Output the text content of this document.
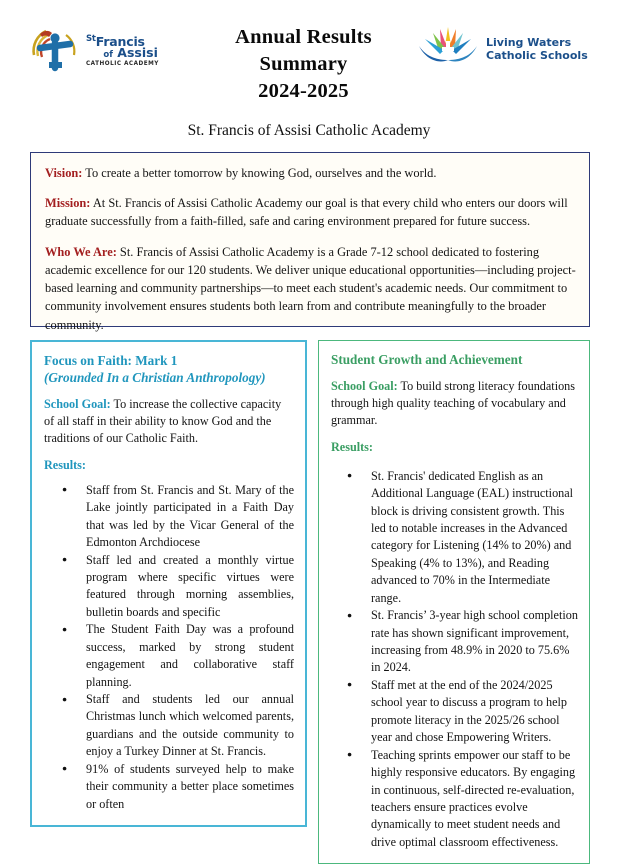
$^{St}$Francis
of Assisi
CATHOLIC ACADEMY
Annual Results
Summary
2024-2025
Living Waters
Catholic Schools
St. Francis of Assisi Catholic Academy

Vision: To create a better tomorrow by knowing God, ourselves and the world.

Mission: At St. Francis of Assisi Catholic Academy our goal is that every child who enters our doors will graduate successfully from a faith-filled, safe and caring environment prepared for future success.

Who We Are: St. Francis of Assisi Catholic Academy is a Grade 7-12 school dedicated to fostering academic excellence for our 120 students. We deliver unique educational opportunities—including project-based learning and community partnerships—to meet each student's academic needs. Our commitment to community involvement ensures students both learn from and contribute meaningfully to the broader community.

Focus on Faith: Mark 1
(Grounded In a Christian Anthropology)

School Goal: To increase the collective capacity of all staff in their ability to know God and the traditions of our Catholic Faith.

Results:
● Staff from St. Francis and St. Mary of the Lake jointly participated in a Faith Day that was led by the Vicar General of the Edmonton Archdiocese
● Staff led and created a monthly virtue program where specific virtues were featured through morning assemblies, bulletin boards and specific
● The Student Faith Day was a profound success, marked by strong student engagement and collaborative staff planning.
● Staff and students led our annual Christmas lunch which welcomed parents, guardians and the outside community to enjoy a Turkey Dinner at St. Francis.
● 91% of students surveyed help to make their community a better place sometimes or often
Student Growth and Achievement

School Goal: To build strong literacy foundations through high quality teaching of vocabulary and grammar.

Results:
● St. Francis' dedicated English as an Additional Language (EAL) instructional block is driving consistent growth. This led to notable increases in the Advanced category for Listening (14% to 20%) and Speaking (4% to 13%), and Reading advanced to 70% in the Intermediate range.
● St. Francis’ 3-year high school completion rate has shown significant improvement, increasing from 48.9% in 2020 to 75.6% in 2024.
● Staff met at the end of the 2024/2025 school year to discuss a program to help promote literacy in the 2025/26 school year and chose Empowering Writers.
● Teaching sprints empower our staff to be highly responsive educators. By engaging in continuous, self-directed re-evaluation, teachers ensure practices evolve dynamically to meet student needs and drive optimal classroom effectiveness.
